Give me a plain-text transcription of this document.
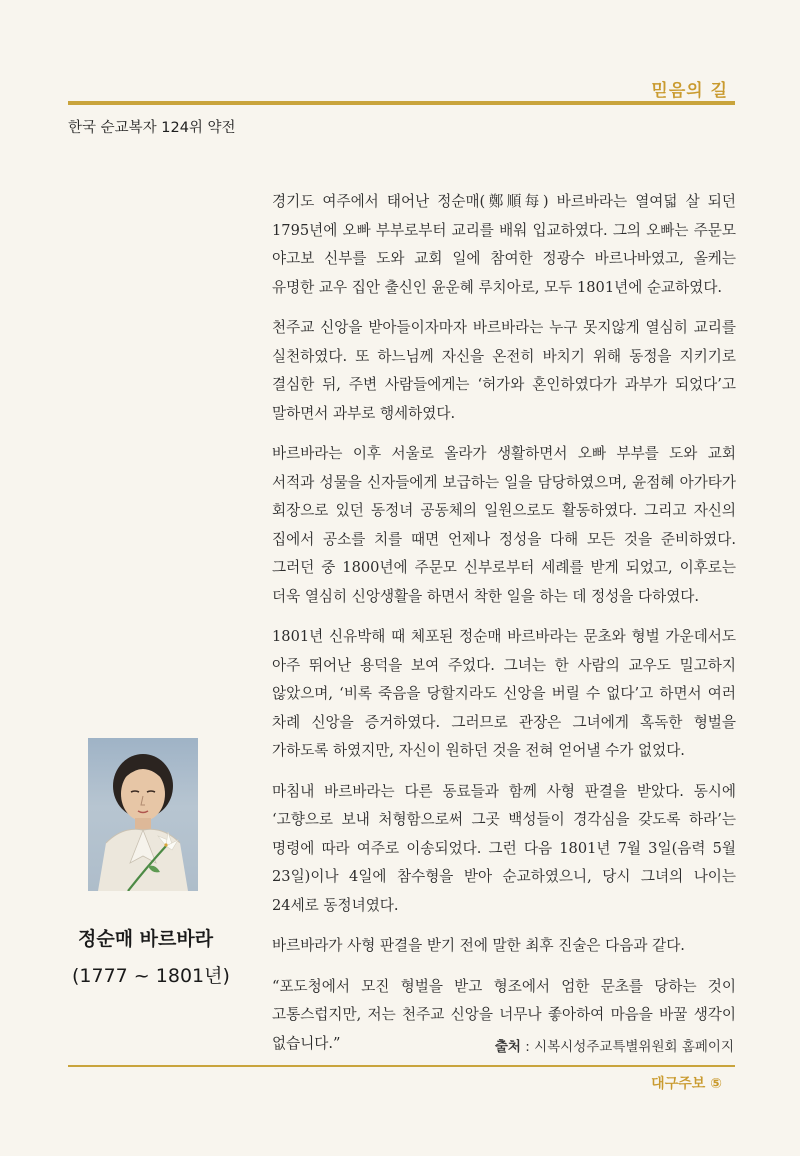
믿음의 길
한국 순교복자 124위 약전

경기도 여주에서 태어난 정순매(鄭順每) 바르바라는 열여덟 살 되던 1795년에 오빠 부부로부터 교리를 배워 입교하였다. 그의 오빠는 주문모 야고보 신부를 도와 교회 일에 참여한 정광수 바르나바였고, 올케는 유명한 교우 집안 출신인 윤운혜 루치아로, 모두 1801년에 순교하였다.

천주교 신앙을 받아들이자마자 바르바라는 누구 못지않게 열심히 교리를 실천하였다. 또 하느님께 자신을 온전히 바치기 위해 동정을 지키기로 결심한 뒤, 주변 사람들에게는 ‘허가와 혼인하였다가 과부가 되었다’고 말하면서 과부로 행세하였다.

바르바라는 이후 서울로 올라가 생활하면서 오빠 부부를 도와 교회 서적과 성물을 신자들에게 보급하는 일을 담당하였으며, 윤점혜 아가타가 회장으로 있던 동정녀 공동체의 일원으로도 활동하였다. 그리고 자신의 집에서 공소를 치를 때면 언제나 정성을 다해 모든 것을 준비하였다. 그러던 중 1800년에 주문모 신부로부터 세례를 받게 되었고, 이후로는 더욱 열심히 신앙생활을 하면서 착한 일을 하는 데 정성을 다하였다.

1801년 신유박해 때 체포된 정순매 바르바라는 문초와 형벌 가운데서도 아주 뛰어난 용덕을 보여 주었다. 그녀는 한 사람의 교우도 밀고하지 않았으며, ‘비록 죽음을 당할지라도 신앙을 버릴 수 없다’고 하면서 여러 차례 신앙을 증거하였다. 그러므로 관장은 그녀에게 혹독한 형벌을 가하도록 하였지만, 자신이 원하던 것을 전혀 얻어낼 수가 없었다.

마침내 바르바라는 다른 동료들과 함께 사형 판결을 받았다. 동시에 ‘고향으로 보내 처형함으로써 그곳 백성들이 경각심을 갖도록 하라’는 명령에 따라 여주로 이송되었다. 그런 다음 1801년 7월 3일(음력 5월 23일)이나 4일에 참수형을 받아 순교하였으니, 당시 그녀의 나이는 24세로 동정녀였다.

바르바라가 사형 판결을 받기 전에 말한 최후 진술은 다음과 같다.

“포도청에서 모진 형벌을 받고 형조에서 엄한 문초를 당하는 것이 고통스럽지만, 저는 천주교 신앙을 너무나 좋아하여 마음을 바꿀 생각이 없습니다.”

정순매 바르바라
(1777 ~ 1801년)
출처 : 시복시성주교특별위원회 홈페이지
대구주보 ⑤
